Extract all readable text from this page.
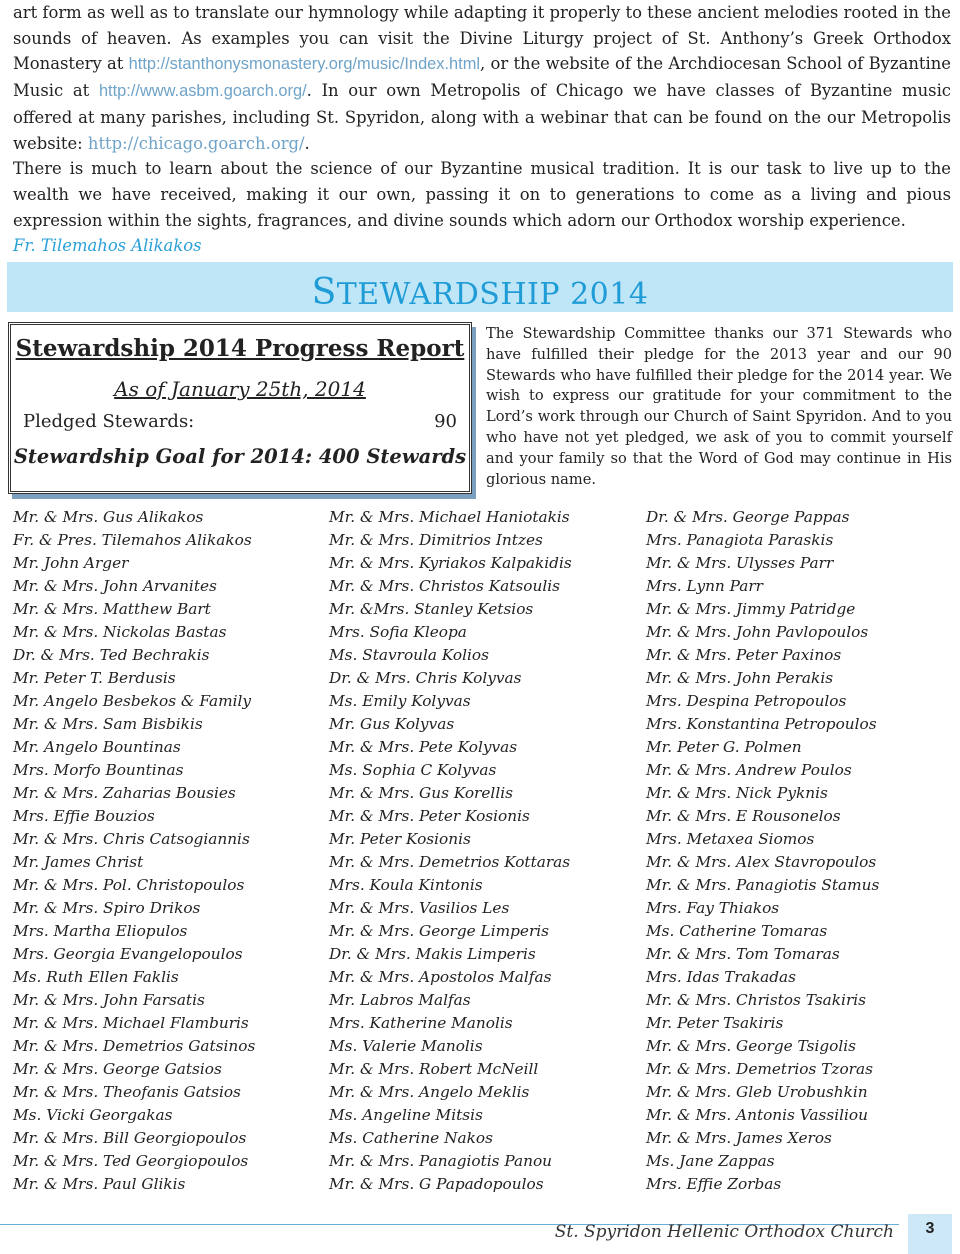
art form as well as to translate our hymnology while adapting it properly to these ancient melodies rooted in the sounds of heaven. As examples you can visit the Divine Liturgy project of St. Anthony’s Greek Orthodox Monastery at http://stanthonysmonastery.org/music/Index.html, or the website of the Archdiocesan School of Byzantine Music at http://www.asbm.goarch.org/. In our own Metropolis of Chicago we have classes of Byzantine music offered at many parishes, including St. Spyridon, along with a webinar that can be found on the our Metropolis website: http://chicago.goarch.org/.

There is much to learn about the science of our Byzantine musical tradition. It is our task to live up to the wealth we have received, making it our own, passing it on to generations to come as a living and pious expression within the sights, fragrances, and divine sounds which adorn our Orthodox worship experience.

Fr. Tilemahos Alikakos

STEWARDSHIP 2014
Stewardship 2014 Progress Report
As of January 25th, 2014
Pledged Stewards:	90
Stewardship Goal for 2014: 400 Stewards
The Stewardship Committee thanks our 371 Stewards who have fulfilled their pledge for the 2013 year and our 90 Stewards who have fulfilled their pledge for the 2014 year. We wish to express our gratitude for your commitment to the Lord’s work through our Church of Saint Spyridon. And to you who have not yet pledged, we ask of you to commit yourself and your family so that the Word of God may continue in His glorious name.
Mr. & Mrs. Gus Alikakos
Fr. & Pres. Tilemahos Alikakos
Mr. John Arger
Mr. & Mrs. John Arvanites
Mr. & Mrs. Matthew Bart
Mr. & Mrs. Nickolas Bastas
Dr. & Mrs. Ted Bechrakis
Mr. Peter T. Berdusis
Mr. Angelo Besbekos & Family
Mr. & Mrs. Sam Bisbikis
Mr. Angelo Bountinas
Mrs. Morfo Bountinas
Mr. & Mrs. Zaharias Bousies
Mrs. Effie Bouzios
Mr. & Mrs. Chris Catsogiannis
Mr. James Christ
Mr. & Mrs. Pol. Christopoulos
Mr. & Mrs. Spiro Drikos
Mrs. Martha Eliopulos
Mrs. Georgia Evangelopoulos
Ms. Ruth Ellen Faklis
Mr. & Mrs. John Farsatis
Mr. & Mrs. Michael Flamburis
Mr. & Mrs. Demetrios Gatsinos
Mr. & Mrs. George Gatsios
Mr. & Mrs. Theofanis Gatsios
Ms. Vicki Georgakas
Mr. & Mrs. Bill Georgiopoulos
Mr. & Mrs. Ted Georgiopoulos
Mr. & Mrs. Paul Glikis
Mr. & Mrs. Michael Haniotakis
Mr. & Mrs. Dimitrios Intzes
Mr. & Mrs. Kyriakos Kalpakidis
Mr. & Mrs. Christos Katsoulis
Mr. &Mrs. Stanley Ketsios
Mrs. Sofia Kleopa
Ms. Stavroula Kolios
Dr. & Mrs. Chris Kolyvas
Ms. Emily Kolyvas
Mr. Gus Kolyvas
Mr. & Mrs. Pete Kolyvas
Ms. Sophia C Kolyvas
Mr. & Mrs. Gus Korellis
Mr. & Mrs. Peter Kosionis
Mr. Peter Kosionis
Mr. & Mrs. Demetrios Kottaras
Mrs. Koula Kintonis
Mr. & Mrs. Vasilios Les
Mr. & Mrs. George Limperis
Dr. & Mrs. Makis Limperis
Mr. & Mrs. Apostolos Malfas
Mr. Labros Malfas
Mrs. Katherine Manolis
Ms. Valerie Manolis
Mr. & Mrs. Robert McNeill
Mr. & Mrs. Angelo Meklis
Ms. Angeline Mitsis
Ms. Catherine Nakos
Mr. & Mrs. Panagiotis Panou
Mr. & Mrs. G Papadopoulos
Dr. & Mrs. George Pappas
Mrs. Panagiota Paraskis
Mr. & Mrs. Ulysses Parr
Mrs. Lynn Parr
Mr. & Mrs. Jimmy Patridge
Mr. & Mrs. John Pavlopoulos
Mr. & Mrs. Peter Paxinos
Mr. & Mrs. John Perakis
Mrs. Despina Petropoulos
Mrs. Konstantina Petropoulos
Mr. Peter G. Polmen
Mr. & Mrs. Andrew Poulos
Mr. & Mrs. Nick Pyknis
Mr. & Mrs. E Rousonelos
Mrs. Metaxea Siomos
Mr. & Mrs. Alex Stavropoulos
Mr. & Mrs. Panagiotis Stamus
Mrs. Fay Thiakos
Ms. Catherine Tomaras
Mr. & Mrs. Tom Tomaras
Mrs. Idas Trakadas
Mr. & Mrs. Christos Tsakiris
Mr. Peter Tsakiris
Mr. & Mrs. George Tsigolis
Mr. & Mrs. Demetrios Tzoras
Mr. & Mrs. Gleb Urobushkin
Mr. & Mrs. Antonis Vassiliou
Mr. & Mrs. James Xeros
Ms. Jane Zappas
Mrs. Effie Zorbas
St. Spyridon Hellenic Orthodox Church	3
